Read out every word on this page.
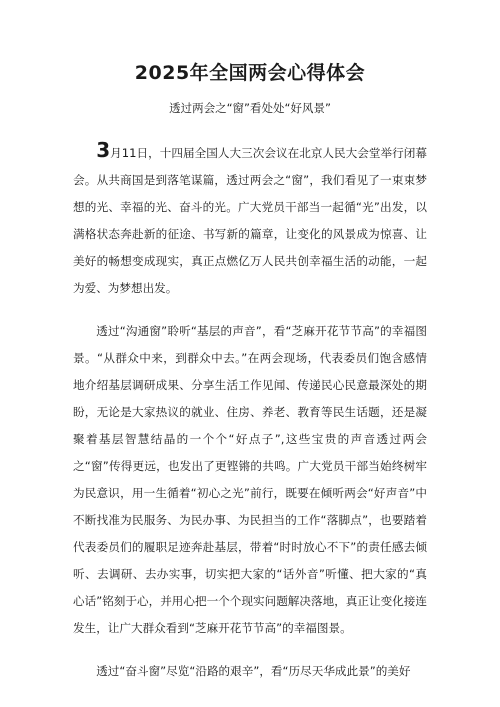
2025年全国两会心得体会

透过两会之“窗”看处处“好风景”

3月11日，十四届全国人大三次会议在北京人民大会堂举行闭幕会。从共商国是到落笔谋篇，透过两会之“窗”，我们看见了一束束梦想的光、幸福的光、奋斗的光。广大党员干部当一起循“光”出发，以满格状态奔赴新的征途、书写新的篇章，让变化的风景成为惊喜、让美好的畅想变成现实，真正点燃亿万人民共创幸福生活的动能，一起为爱、为梦想出发。

透过“沟通窗”聆听“基层的声音”，看“芝麻开花节节高”的幸福图景。“从群众中来，到群众中去。”在两会现场，代表委员们饱含感情地介绍基层调研成果、分享生活工作见闻、传递民心民意最深处的期盼，无论是大家热议的就业、住房、养老、教育等民生话题，还是凝聚着基层智慧结晶的一个个“好点子”,这些宝贵的声音透过两会之“窗”传得更远，也发出了更铿锵的共鸣。广大党员干部当始终树牢为民意识，用一生循着“初心之光”前行，既要在倾听两会“好声音”中不断找准为民服务、为民办事、为民担当的工作“落脚点”，也要踏着代表委员们的履职足迹奔赴基层，带着“时时放心不下”的责任感去倾听、去调研、去办实事，切实把大家的“话外音”听懂、把大家的“真心话”铭刻于心，并用心把一个个现实问题解决落地，真正让变化接连发生，让广大群众看到“芝麻开花节节高”的幸福图景。

透过“奋斗窗”尽览“沿路的艰辛”，看“历尽天华成此景”的美好
